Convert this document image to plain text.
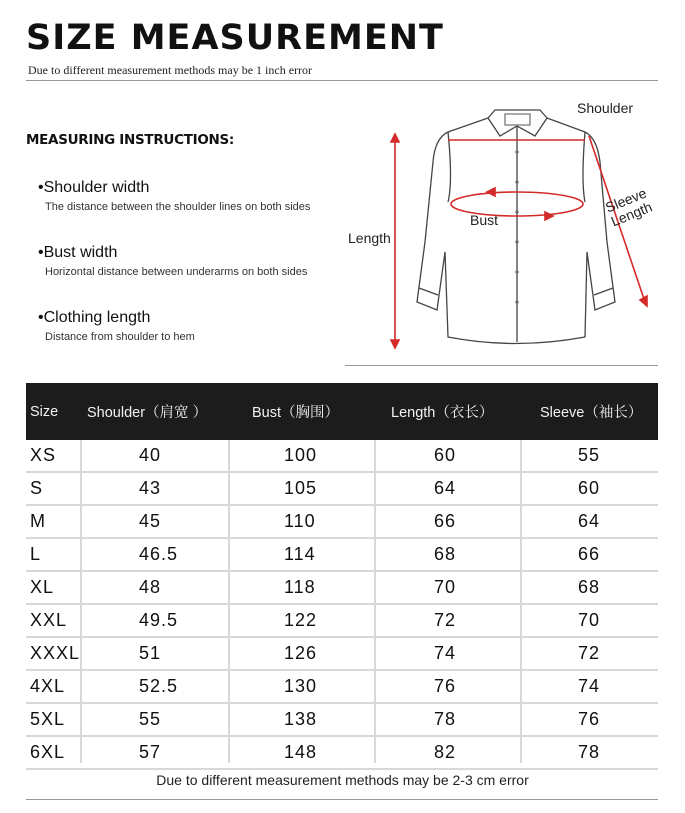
SIZE MEASUREMENT
Due to different measurement methods may be 1 inch error
MEASURING INSTRUCTIONS:
•Shoulder width
The distance between the shoulder lines on both sides
•Bust width
Horizontal distance between underarms on both sides
•Clothing length
Distance from shoulder to hem
Shoulder
Bust
Length
Sleeve Length
Size Shoulder（肩宽 ）	Bust（胸围）	Length（衣长）	Sleeve（袖长）
XS	40	100	60	55
S	43	105	64	60
M	45	110	66	64
L	46.5	114	68	66
XL	48	118	70	68
XXL	49.5	122	72	70
XXXL	51	126	74	72
4XL	52.5	130	76	74
5XL	55	138	78	76
6XL	57	148	82	78
Due to different measurement methods may be 2-3 cm error
